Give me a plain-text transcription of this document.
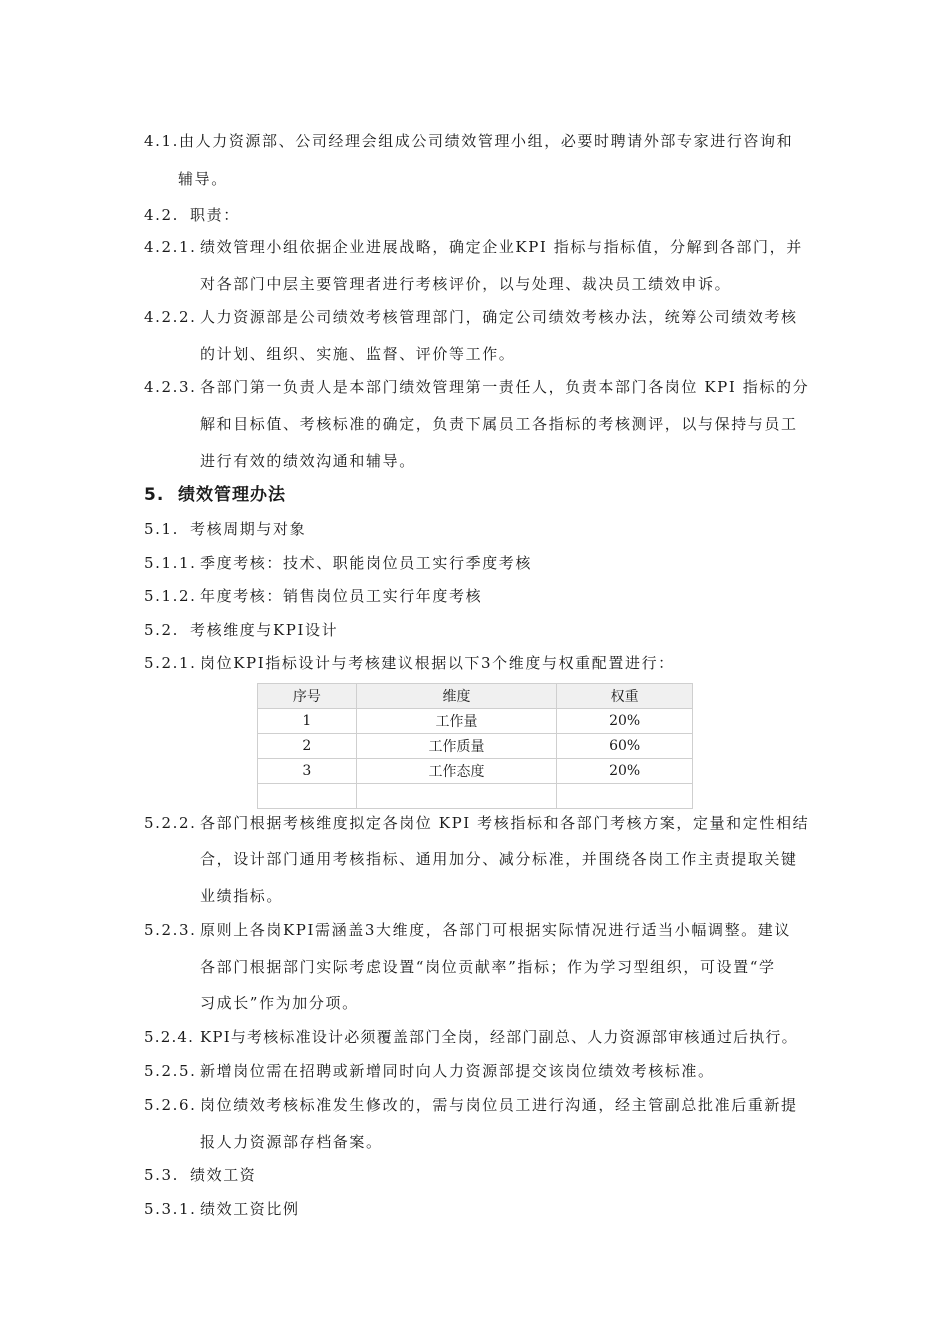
4.1.由人力资源部、公司经理会组成公司绩效管理小组，必要时聘请外部专家进行咨询和
辅导。
4.2. 职责：
4.2.1. 绩效管理小组依据企业进展战略，确定企业KPI 指标与指标值，分解到各部门，并
对各部门中层主要管理者进行考核评价，以与处理、裁决员工绩效申诉。
4.2.2. 人力资源部是公司绩效考核管理部门，确定公司绩效考核办法，统筹公司绩效考核
的计划、组织、实施、监督、评价等工作。
4.2.3. 各部门第一负责人是本部门绩效管理第一责任人，负责本部门各岗位 KPI 指标的分
解和目标值、考核标准的确定，负责下属员工各指标的考核测评，以与保持与员工
进行有效的绩效沟通和辅导。
5. 绩效管理办法
5.1. 考核周期与对象
5.1.1. 季度考核：技术、职能岗位员工实行季度考核
5.1.2. 年度考核：销售岗位员工实行年度考核
5.2. 考核维度与KPI设计
5.2.1. 岗位KPI指标设计与考核建议根据以下3个维度与权重配置进行：
序号	维度	权重
1	工作量	20%
2	工作质量	60%
3	工作态度	20%

5.2.2. 各部门根据考核维度拟定各岗位 KPI 考核指标和各部门考核方案，定量和定性相结
合，设计部门通用考核指标、通用加分、减分标准，并围绕各岗工作主责提取关键
业绩指标。
5.2.3. 原则上各岗KPI需涵盖3大维度，各部门可根据实际情况进行适当小幅调整。建议
各部门根据部门实际考虑设置“岗位贡献率”指标；作为学习型组织，可设置“学
习成长”作为加分项。
5.2.4. KPI与考核标准设计必须覆盖部门全岗，经部门副总、人力资源部审核通过后执行。
5.2.5. 新增岗位需在招聘或新增同时向人力资源部提交该岗位绩效考核标准。
5.2.6. 岗位绩效考核标准发生修改的，需与岗位员工进行沟通，经主管副总批准后重新提
报人力资源部存档备案。
5.3. 绩效工资
5.3.1. 绩效工资比例
